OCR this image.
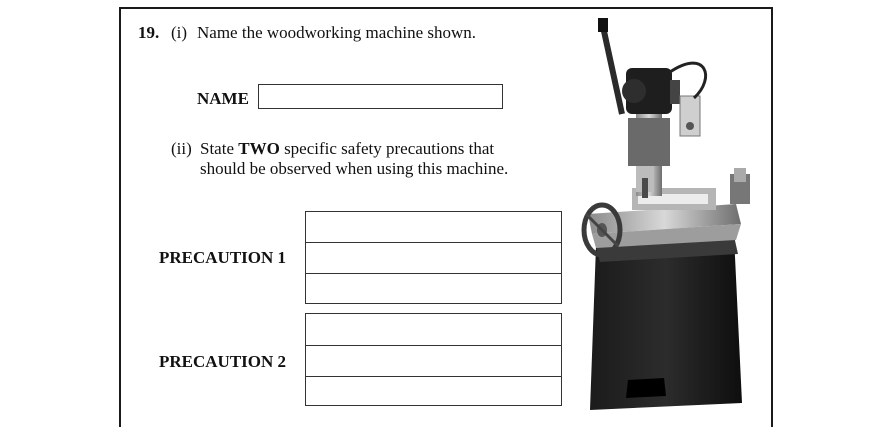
19. (i) Name the woodworking machine shown.
NAME
(ii) State TWO specific safety precautions that
should be observed when using this machine.
PRECAUTION 1
PRECAUTION 2
